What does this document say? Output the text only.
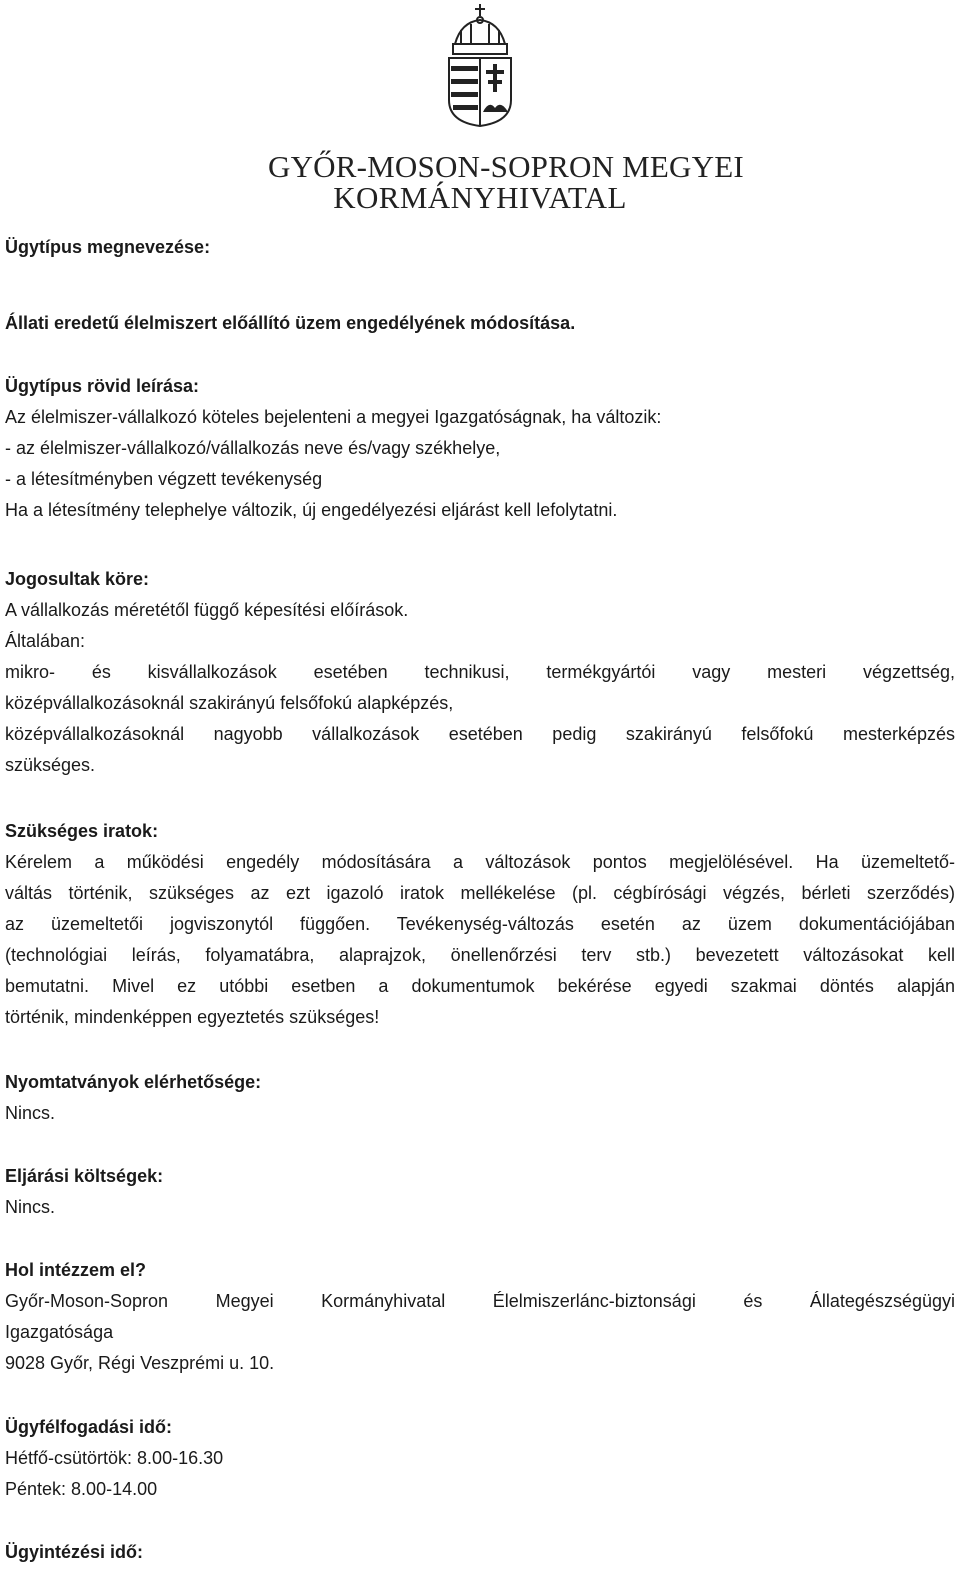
GYŐR-MOSON-SOPRON MEGYEI
KORMÁNYHIVATAL
Ügytípus megnevezése:
Állati eredetű élelmiszert előállító üzem engedélyének módosítása.

Ügytípus rövid leírása:

Az élelmiszer-vállalkozó köteles bejelenteni a megyei Igazgatóságnak, ha változik:

- az élelmiszer-vállalkozó/vállalkozás neve és/vagy székhelye,

- a létesítményben végzett tevékenység

Ha a létesítmény telephelye változik, új engedélyezési eljárást kell lefolytatni.

Jogosultak köre:

A vállalkozás méretétől függő képesítési előírások.

Általában:

mikro- és kisvállalkozások esetében technikusi, termékgyártói vagy mesteri végzettség,

középvállalkozásoknál szakirányú felsőfokú alapképzés,

középvállalkozásoknál nagyobb vállalkozások esetében pedig szakirányú felsőfokú mesterképzés

szükséges.

Szükséges iratok:

Kérelem a működési engedély módosítására a változások pontos megjelölésével. Ha üzemeltető-

váltás történik, szükséges az ezt igazoló iratok mellékelése (pl. cégbírósági végzés, bérleti szerződés)

az üzemeltetői jogviszonytól függően. Tevékenység-változás esetén az üzem dokumentációjában

(technológiai leírás, folyamatábra, alaprajzok, önellenőrzési terv stb.) bevezetett változásokat kell

bemutatni. Mivel ez utóbbi esetben a dokumentumok bekérése egyedi szakmai döntés alapján

történik, mindenképpen egyeztetés szükséges!

Nyomtatványok elérhetősége:

Nincs.

Eljárási költségek:

Nincs.

Hol intézzem el?

Győr-Moson-Sopron Megyei Kormányhivatal Élelmiszerlánc-biztonsági és Állategészségügyi

Igazgatósága

9028 Győr, Régi Veszprémi u. 10.

Ügyfélfogadási idő:

Hétfő-csütörtök: 8.00-16.30

Péntek: 8.00-14.00

Ügyintézési idő:
